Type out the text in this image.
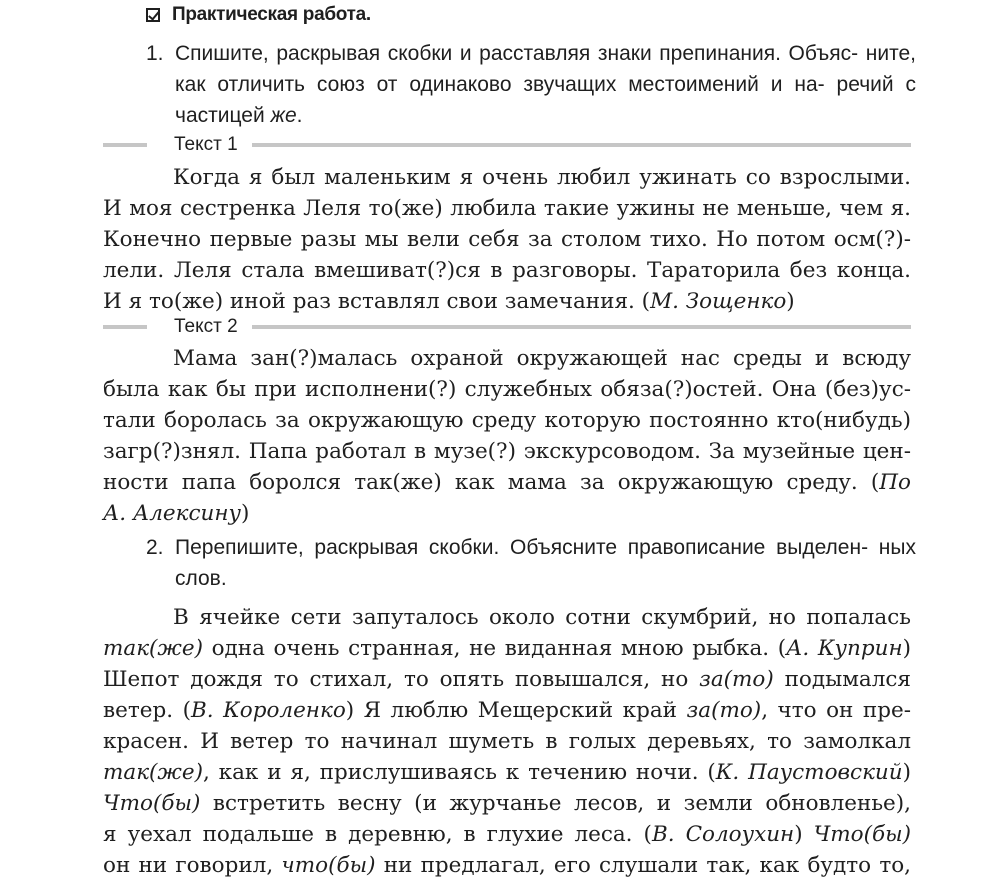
Практическая работа.
1. Спишите, раскрывая скобки и расставляя знаки препинания. Объяс- ните, как отличить союз от одинаково звучащих местоимений и на- речий с частицей же.
Текст 1
Когда я был маленьким я очень любил ужинать со взрослыми.
И моя сестренка Леля то(же) любила такие ужины не меньше, чем я.
Конечно первые разы мы вели себя за столом тихо. Но потом осм(?)-
лели. Леля стала вмешиват(?)ся в разговоры. Тараторила без конца.
И я то(же) иной раз вставлял свои замечания. (М. Зощенко)
Текст 2
Мама зан(?)малась охраной окружающей нас среды и всюду
была как бы при исполнени(?) служебных обяза(?)остей. Она (без)ус-
тали боролась за окружающую среду которую постоянно кто(нибудь)
загр(?)знял. Папа работал в музе(?) экскурсоводом. За музейные цен-
ности папа боролся так(же) как мама за окружающую среду. (По
А. Алексину)
2. Перепишите, раскрывая скобки. Объясните правописание выделен- ных слов.
В ячейке сети запуталось около сотни скумбрий, но попалась
так(же) одна очень странная, не виданная мною рыбка. (А. Куприн)
Шепот дождя то стихал, то опять повышался, но за(то) подымался
ветер. (В. Короленко) Я люблю Мещерский край за(то), что он пре-
красен. И ветер то начинал шуметь в голых деревьях, то замолкал
так(же), как и я, прислушиваясь к течению ночи. (К. Паустовский)
Что(бы) встретить весну (и журчанье лесов, и земли обновленье),
я уехал подальше в деревню, в глухие леса. (В. Солоухин) Что(бы)
он ни говорил, что(бы) ни предлагал, его слушали так, как будто то,
